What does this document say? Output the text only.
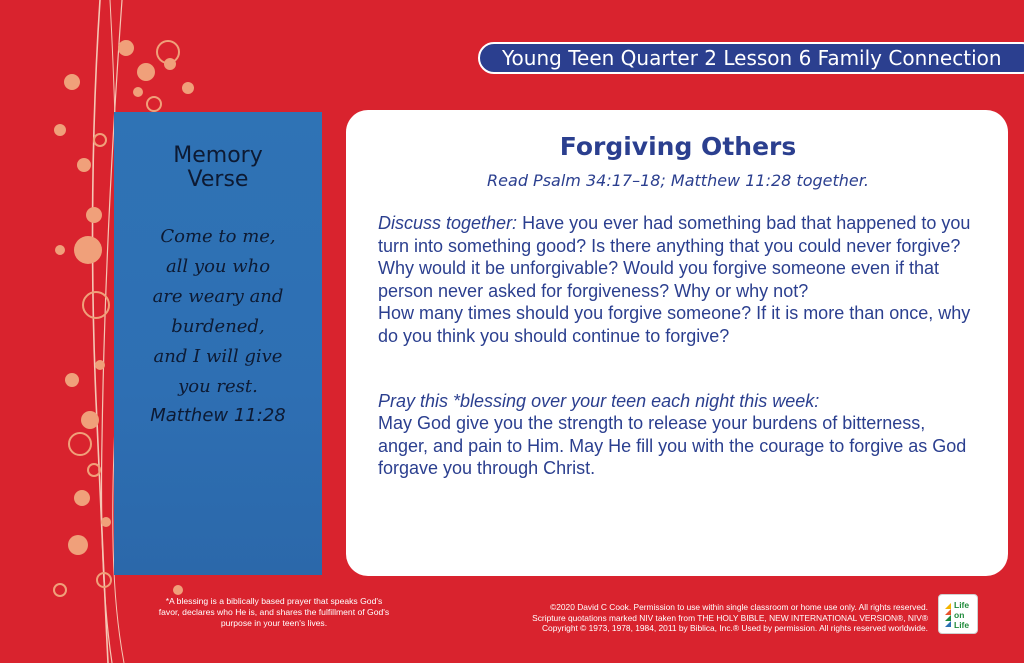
Young Teen Quarter 2 Lesson 6 Family Connection
Memory
Verse
Come to me,
all you who
are weary and
burdened,
and I will give
you rest.
Matthew 11:28
Forgiving Others
Read Psalm 34:17–18; Matthew 11:28 together.
Discuss together: Have you ever had something bad that happened to you turn into something good? Is there anything that you could never forgive? Why would it be unforgivable? Would you forgive someone even if that person never asked for forgiveness? Why or why not?
How many times should you forgive someone? If it is more than once, why do you think you should continue to forgive?
Pray this *blessing over your teen each night this week:
May God give you the strength to release your burdens of bitterness, anger, and pain to Him. May He fill you with the courage to forgive as God forgave you through Christ.
*A blessing is a biblically based prayer that speaks God's favor, declares who He is, and shares the fulfillment of God's purpose in your teen's lives.
©2020 David C Cook. Permission to use within single classroom or home use only. All rights reserved.
Scripture quotations marked NIV taken from THE HOLY BIBLE, NEW INTERNATIONAL VERSION®, NIV®
Copyright © 1973, 1978, 1984, 2011 by Biblica, Inc.® Used by permission. All rights reserved worldwide.
Life
on
Life
